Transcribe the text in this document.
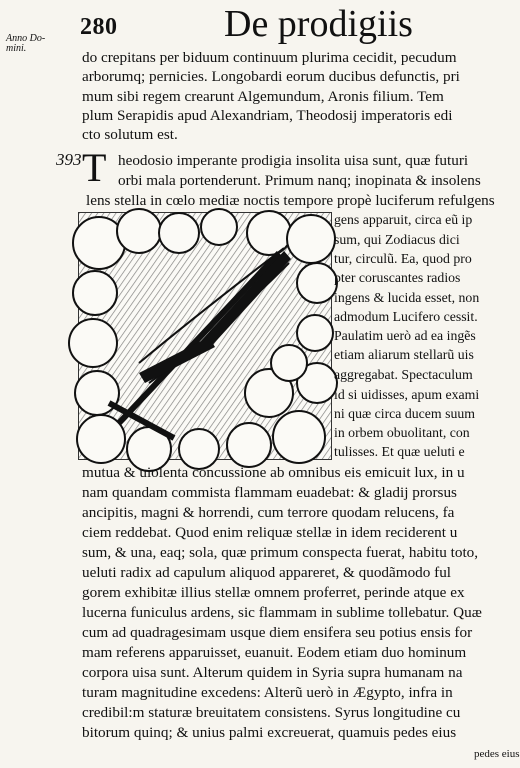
Anno Do-
mini.
280	De prodigiis
do crepitans per biduum continuum plurima cecidit, pecudum
arborumq; pernicies. Longobardi eorum ducibus defunctis, pri
mum sibi regem crearunt Algemundum, Aronis filium. Tem
plum Serapidis apud Alexandriam, Theodosij imperatoris edi
cto solutum est.
393 T heodosio imperante prodigia insolita uisa sunt, quæ futuri
orbi mala portenderunt. Primum nanq; inopinata & insolens
lens stella in cœlo mediæ noctis tempore propè luciferum refulgens
gens apparuit, circa eũ ip
sum, qui Zodiacus dici
tur, circulũ. Ea, quod pro
pter coruscantes radios
ingens & lucida esset, non
admodum Lucifero cessit.
Paulatim uerò ad ea ingẽs
etiam aliarum stellarũ uis
aggregabat. Spectaculum
id si uidisses, apum exami
ni quæ circa ducem suum
in orbem obuolitant, con
tulisses. Et quæ ueluti e
mutua & uiolenta concussione ab omnibus eis emicuit lux, in u
nam quandam commista flammam euadebat: & gladij prorsus
ancipitis, magni & horrendi, cum terrore quodam relucens, fa
ciem reddebat. Quod enim reliquæ stellæ in idem reciderent u
sum, & una, eaq; sola, quæ primum conspecta fuerat, habitu toto,
ueluti radix ad capulum aliquod appareret, & quodãmodo ful
gorem exhibitæ illius stellæ omnem proferret, perinde atque ex
lucerna funiculus ardens, sic flammam in sublime tollebatur. Quæ
cum ad quadragesimam usque diem ensifera seu potius ensis for
mam referens apparuisset, euanuit. Eodem etiam duo hominum
corpora uisa sunt. Alterum quidem in Syria supra humanam na
turam magnitudine excedens: Alterũ uerò in Ægypto, infra in
credibil:m staturæ breuitatem consistens. Syrus longitudine cu
bitorum quinq; & unius palmi excreuerat, quamuis pedes eius
pedes eius
